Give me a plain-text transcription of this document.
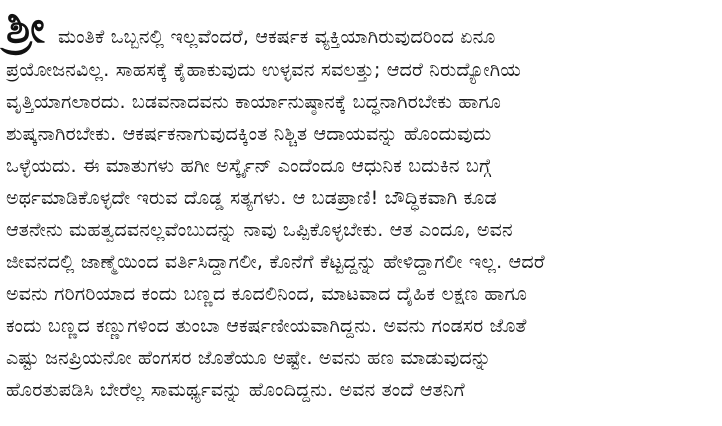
ಶ್ರೀ ಮಂತಿಕೆ ಒಬ್ಬನಲ್ಲಿ ಇಲ್ಲವೆಂದರೆ, ಆಕರ್ಷಕ ವ್ಯಕ್ತಿಯಾಗಿರುವುದರಿಂದ ಏನೂ
ಪ್ರಯೋಜನವಿಲ್ಲ. ಸಾಹಸಕ್ಕೆ ಕೈಹಾಕುವುದು ಉಳ್ಳವನ ಸವಲತ್ತು; ಆದರೆ ನಿರುದ್ಯೋಗಿಯ
ವೃತ್ತಿಯಾಗಲಾರದು. ಬಡವನಾದವನು ಕಾರ್ಯಾನುಷ್ಠಾನಕ್ಕೆ ಬದ್ಧನಾಗಿರಬೇಕು ಹಾಗೂ
ಶುಷ್ಕನಾಗಿರಬೇಕು. ಆಕರ್ಷಕನಾಗುವುದಕ್ಕಿಂತ ನಿಶ್ಚಿತ ಆದಾಯವನ್ನು ಹೊಂದುವುದು
ಒಳ್ಳೆಯದು. ಈ ಮಾತುಗಳು ಹಗೀ ಅರ್ಸ್ಕೈನ್ ಎಂದೆಂದೂ ಆಧುನಿಕ ಬದುಕಿನ ಬಗ್ಗೆ
ಅರ್ಥಮಾಡಿಕೊಳ್ಳದೇ ಇರುವ ದೊಡ್ಡ ಸತ್ಯಗಳು. ಆ ಬಡಪ್ರಾಣಿ! ಬೌದ್ಧಿಕವಾಗಿ ಕೂಡ
ಆತನೇನು ಮಹತ್ವದವನಲ್ಲವೆಂಬುದನ್ನು ನಾವು ಒಪ್ಪಿಕೊಳ್ಳಬೇಕು. ಆತ ಎಂದೂ, ಅವನ
ಜೀವನದಲ್ಲಿ ಜಾಣ್ಮೆಯಿಂದ ವರ್ತಿಸಿದ್ದಾಗಲೀ, ಕೊನೆಗೆ ಕೆಟ್ಟದ್ದನ್ನು ಹೇಳಿದ್ದಾಗಲೀ ಇಲ್ಲ. ಆದರೆ
ಅವನು ಗರಿಗರಿಯಾದ ಕಂದು ಬಣ್ಣದ ಕೂದಲಿನಿಂದ, ಮಾಟವಾದ ದೈಹಿಕ ಲಕ್ಷಣ ಹಾಗೂ
ಕಂದು ಬಣ್ಣದ ಕಣ್ಣುಗಳಿಂದ ತುಂಬಾ ಆಕರ್ಷಣೀಯವಾಗಿದ್ದನು. ಅವನು ಗಂಡಸರ ಜೊತೆ
ಎಷ್ಟು ಜನಪ್ರಿಯನೋ ಹೆಂಗಸರ ಜೊತೆಯೂ ಅಷ್ಟೇ. ಅವನು ಹಣ ಮಾಡುವುದನ್ನು
ಹೊರತುಪಡಿಸಿ ಬೇರೆಲ್ಲ ಸಾಮರ್ಥ್ಯವನ್ನು ಹೊಂದಿದ್ದನು. ಅವನ ತಂದೆ ಆತನಿಗೆ
